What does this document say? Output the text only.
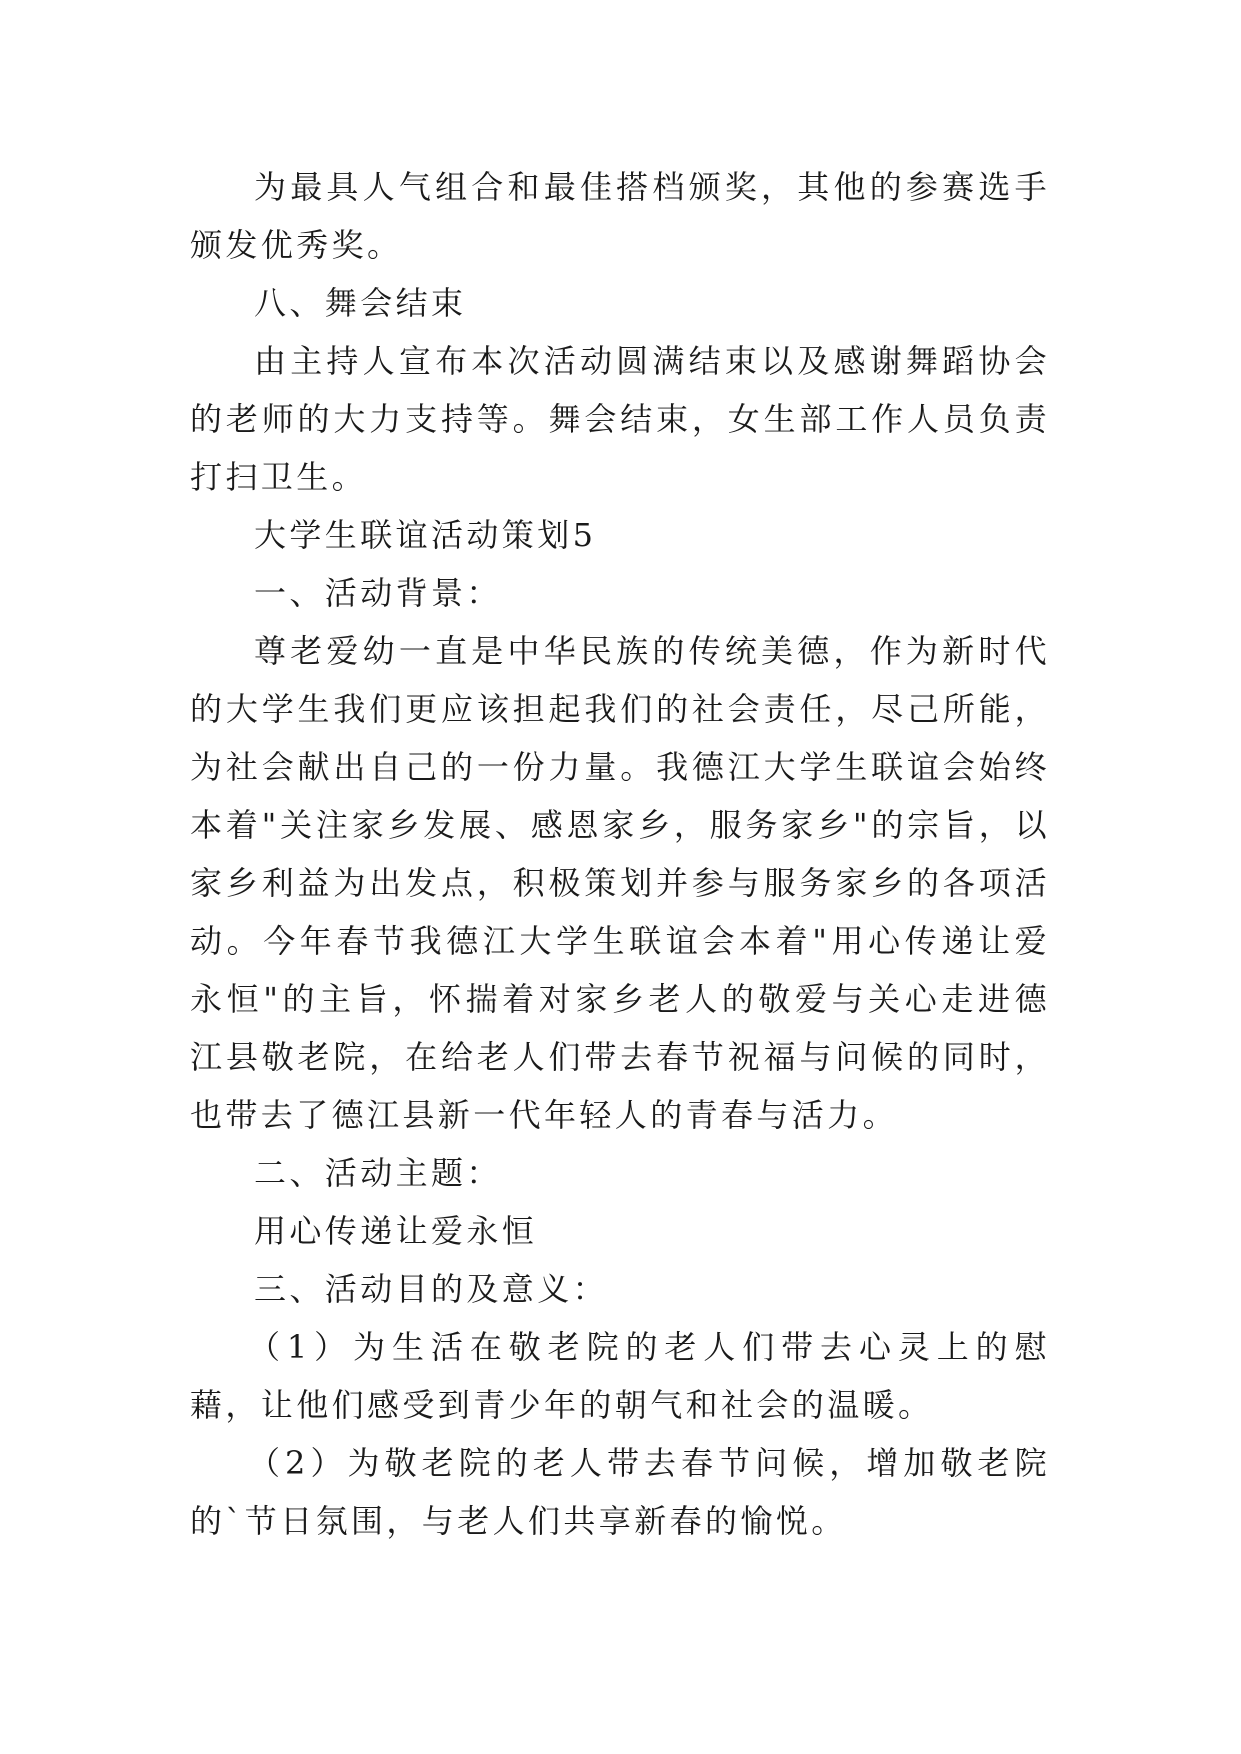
为最具人气组合和最佳搭档颁奖，其他的参赛选手颁发优秀奖。

八、舞会结束

由主持人宣布本次活动圆满结束以及感谢舞蹈协会的老师的大力支持等。舞会结束，女生部工作人员负责打扫卫生。

大学生联谊活动策划5

一、活动背景：

尊老爱幼一直是中华民族的传统美德，作为新时代的大学生我们更应该担起我们的社会责任，尽己所能，为社会献出自己的一份力量。我德江大学生联谊会始终本着"关注家乡发展、感恩家乡，服务家乡"的宗旨，以家乡利益为出发点，积极策划并参与服务家乡的各项活动。今年春节我德江大学生联谊会本着"用心传递让爱永恒"的主旨，怀揣着对家乡老人的敬爱与关心走进德江县敬老院，在给老人们带去春节祝福与问候的同时，也带去了德江县新一代年轻人的青春与活力。

二、活动主题：

用心传递让爱永恒

三、活动目的及意义：

（1）为生活在敬老院的老人们带去心灵上的慰藉，让他们感受到青少年的朝气和社会的温暖。

（2）为敬老院的老人带去春节问候，增加敬老院的`节日氛围，与老人们共享新春的愉悦。
